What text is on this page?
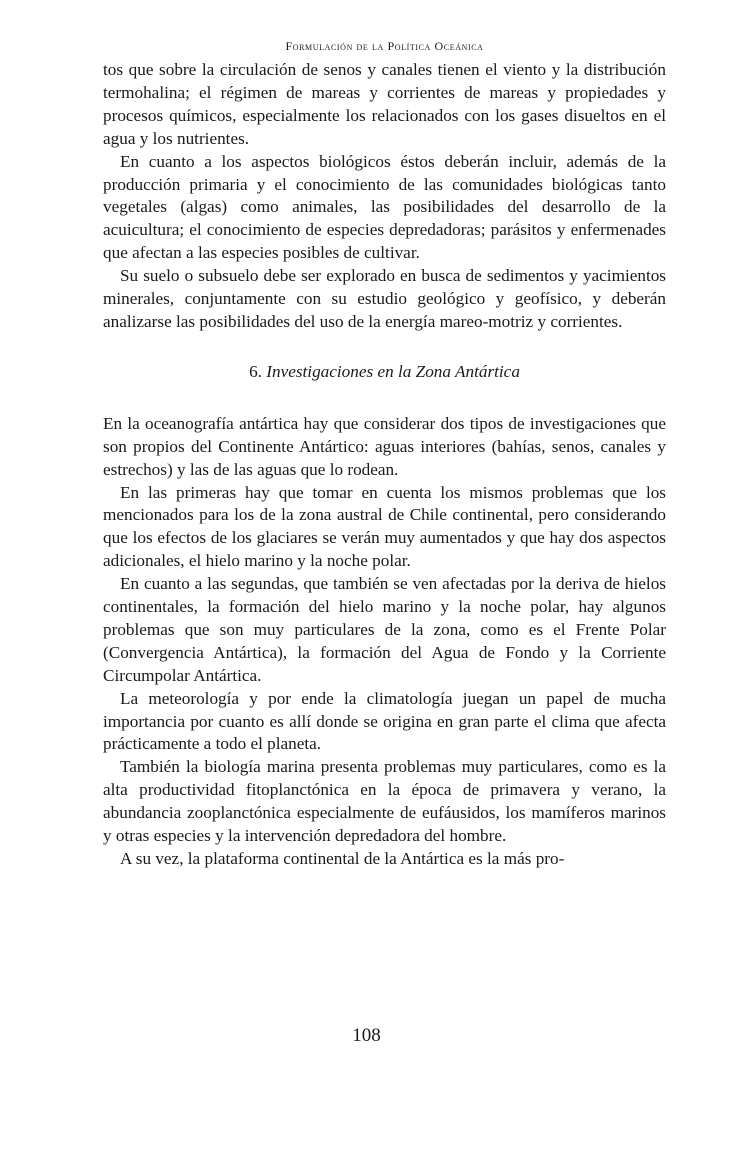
Formulación de la Política Oceánica

tos que sobre la circulación de senos y canales tienen el viento y la distribución termohalina; el régimen de mareas y corrientes de mareas y propiedades y procesos químicos, especialmente los relacionados con los gases disueltos en el agua y los nutrientes.

En cuanto a los aspectos biológicos éstos deberán incluir, además de la producción primaria y el conocimiento de las comunidades biológicas tanto vegetales (algas) como animales, las posibilidades del desarrollo de la acuicultura; el conocimiento de especies depredadoras; parásitos y enfermenades que afectan a las especies posibles de cultivar.

Su suelo o subsuelo debe ser explorado en busca de sedimentos y yacimientos minerales, conjuntamente con su estudio geológico y geofísico, y deberán analizarse las posibilidades del uso de la energía mareo-motriz y corrientes.

6. Investigaciones en la Zona Antártica

En la oceanografía antártica hay que considerar dos tipos de investigaciones que son propios del Continente Antártico: aguas interiores (bahías, senos, canales y estrechos) y las de las aguas que lo rodean.

En las primeras hay que tomar en cuenta los mismos problemas que los mencionados para los de la zona austral de Chile continental, pero considerando que los efectos de los glaciares se verán muy aumentados y que hay dos aspectos adicionales, el hielo marino y la noche polar.

En cuanto a las segundas, que también se ven afectadas por la deriva de hielos continentales, la formación del hielo marino y la noche polar, hay algunos problemas que son muy particulares de la zona, como es el Frente Polar (Convergencia Antártica), la formación del Agua de Fondo y la Corriente Circumpolar Antártica.

La meteorología y por ende la climatología juegan un papel de mucha importancia por cuanto es allí donde se origina en gran parte el clima que afecta prácticamente a todo el planeta.

También la biología marina presenta problemas muy particulares, como es la alta productividad fitoplanctónica en la época de primavera y verano, la abundancia zooplanctónica especialmente de eufáusidos, los mamíferos marinos y otras especies y la intervención depredadora del hombre.

A su vez, la plataforma continental de la Antártica es la más pro-

108
